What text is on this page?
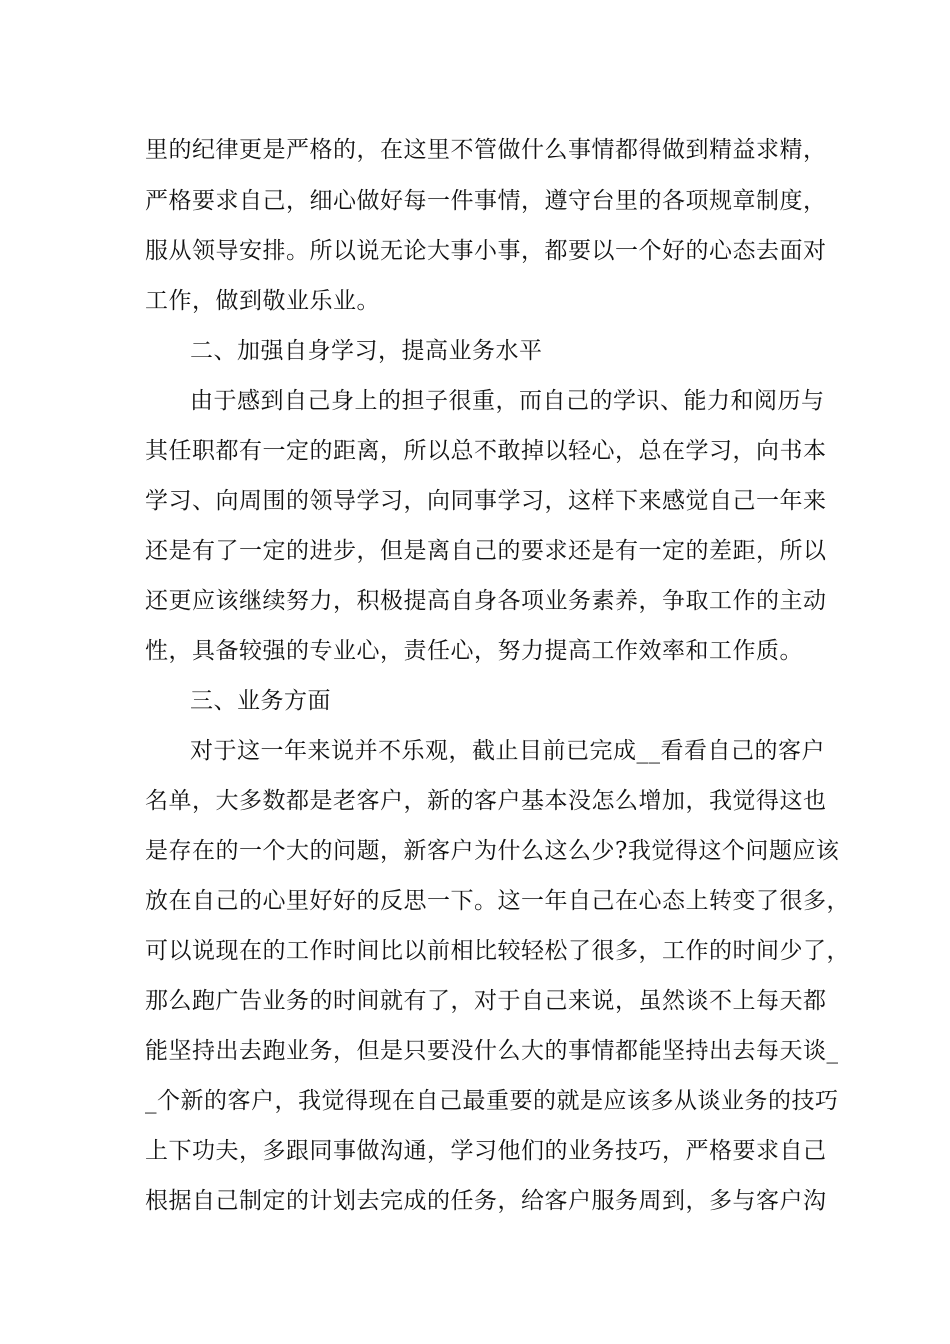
里的纪律更是严格的，在这里不管做什么事情都得做到精益求精，
严格要求自己，细心做好每一件事情，遵守台里的各项规章制度，
服从领导安排。所以说无论大事小事，都要以一个好的心态去面对
工作，做到敬业乐业。
二、加强自身学习，提高业务水平
由于感到自己身上的担子很重，而自己的学识、能力和阅历与
其任职都有一定的距离，所以总不敢掉以轻心，总在学习，向书本
学习、向周围的领导学习，向同事学习，这样下来感觉自己一年来
还是有了一定的进步，但是离自己的要求还是有一定的差距，所以
还更应该继续努力，积极提高自身各项业务素养，争取工作的主动
性，具备较强的专业心，责任心，努力提高工作效率和工作质。
三、业务方面
对于这一年来说并不乐观，截止目前已完成__看看自己的客户
名单，大多数都是老客户，新的客户基本没怎么增加，我觉得这也
是存在的一个大的问题，新客户为什么这么少?我觉得这个问题应该
放在自己的心里好好的反思一下。这一年自己在心态上转变了很多，
可以说现在的工作时间比以前相比较轻松了很多，工作的时间少了，
那么跑广告业务的时间就有了，对于自己来说，虽然谈不上每天都
能坚持出去跑业务，但是只要没什么大的事情都能坚持出去每天谈_
_个新的客户，我觉得现在自己最重要的就是应该多从谈业务的技巧
上下功夫，多跟同事做沟通，学习他们的业务技巧，严格要求自己
根据自己制定的计划去完成的任务，给客户服务周到，多与客户沟
